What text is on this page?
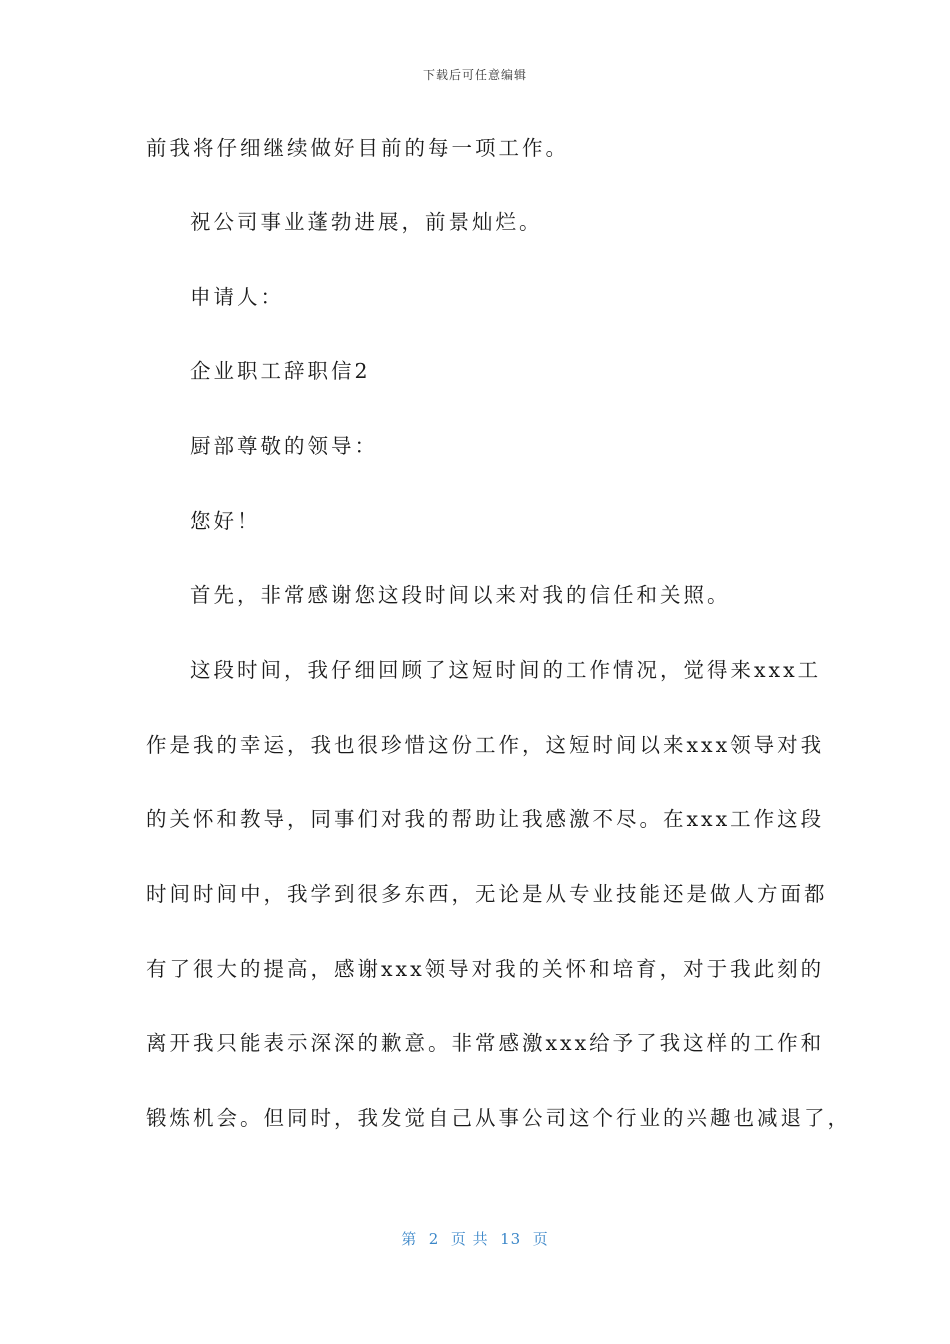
下载后可任意编辑
前我将仔细继续做好目前的每一项工作。
祝公司事业蓬勃进展，前景灿烂。
申请人：
企业职工辞职信2
厨部尊敬的领导：
您好！
首先，非常感谢您这段时间以来对我的信任和关照。
这段时间，我仔细回顾了这短时间的工作情况，觉得来xxx工
作是我的幸运，我也很珍惜这份工作，这短时间以来xxx领导对我
的关怀和教导，同事们对我的帮助让我感激不尽。在xxx工作这段
时间时间中，我学到很多东西，无论是从专业技能还是做人方面都
有了很大的提高，感谢xxx领导对我的关怀和培育，对于我此刻的
离开我只能表示深深的歉意。非常感激xxx给予了我这样的工作和
锻炼机会。但同时，我发觉自己从事公司这个行业的兴趣也减退了，
第  2  页 共  13  页
